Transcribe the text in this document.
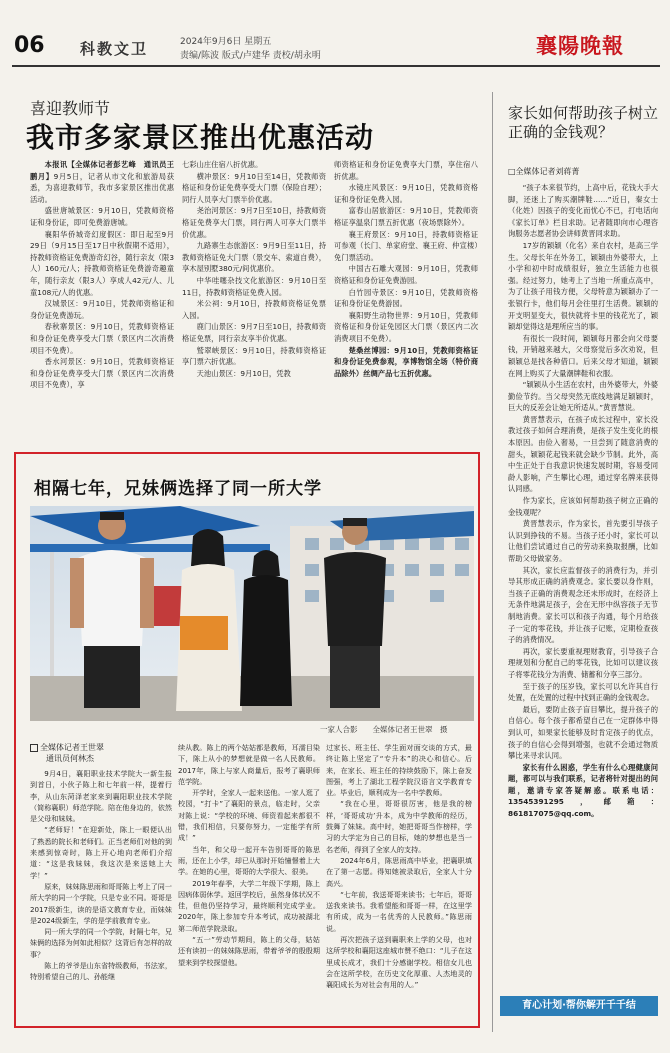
06 科教文卫	2024年9月6日 星期五
责编/陈波 版式/卢建华 责校/胡永明	襄陽晚報
喜迎教师节
我市多家景区推出优惠活动

本报讯【全媒体记者彭艺峰　通讯员王鹏月】9月5日，记者从市文化和旅游局获悉，为喜迎教师节，我市多家景区推出优惠活动。

盛世唐城景区：9月10日，凭教师资格证和身份证，即可免费游唐城。

襄阳华侨城奇幻度假区：即日起至9月29日（9月15日至17日中秋假期不适用），持教师资格证免费游奇幻谷，随行亲友（限3人）160元/人；持教师资格证免费游奇趣童年，随行亲友（限3人）享成人42元/人、儿童108元/人的优惠。

汉城景区：9月10日，凭教师资格证和身份证免费游玩。

春秋寨景区：9月10日，凭教师资格证和身份证免费享受大门票（景区内二次消费项目不免费）。

香水河景区：9月10日，凭教师资格证和身份证免费享受大门票（景区内二次消费项目不免费），享

七彩山庄住宿八折优惠。

横冲景区：9月10日至14日，凭教师资格证和身份证免费享受大门票（保险自理）；同行人员享大门票半价优惠。

尧治河景区：9月7日至10日，持教师资格证免费享大门票，同行两人可享大门票半价优惠。

九路寨生态旅游区：9月9日至11日，持教师资格证免大门票（景交车、索道自费），享木屋别墅380元/间优惠价。

中华哇噻杂技文化旅游区：9月10日至11日，持教师资格证免费入园。

米公祠：9月10日，持教师资格证免票入园。

鹿门山景区：9月7日至10日，持教师资格证免票，同行亲友享半价优惠。

鹫翠峡景区：9月10日，持教师资格证享门票六折优惠。

天池山景区：9月10日，凭教

师资格证和身份证免费享大门票，享住宿八折优惠。

水镜庄风景区：9月10日，凭教师资格证和身份证免费入园。

富春山居旅游区：9月10日，凭教师资格证享温泉门票五折优惠（夜场票除外）。

襄王府景区：9月10日，持教师资格证可参观（长门、单家府堂、襄王府、仲宣楼）免门票活动。

中国古石雕大观园：9月10日，凭教师资格证和身份证免费游园。

白竹园寺景区：9月10日，凭教师资格证和身份证免费游园。

襄阳野生动物世界：9月10日，凭教师资格证和身份证免园区大门票（景区内二次消费项目不免费）。

楚桑丝博园：9月10日，凭教师资格证和身份证免费参观，享博物馆全场（特价商品除外）丝绸产品七五折优惠。

家长如何帮助孩子树立正确的金钱观？
□全媒体记者刘蒋菁

“孩子本来很节约，上高中后，花钱大手大脚，还迷上了购买潮牌鞋……”近日，秦女士（化姓）因孩子的变化而忧心不已，打电话向《家长订单》栏目求助。记者随即向市心理咨询服务志愿者协会讲师黄晋同求助。

17岁的颖颖（化名）来自农村，是高三学生。父母长年在外务工，颖颖由外婆带大，上小学和初中时成绩很好，独立生活能力也很强。经过努力，她考上了当地一所重点高中，为了让孩子用钱方便，父母特意为颖颖办了一张银行卡，他们每月会往里打生活费。颖颖的开支明显变大，很快就将卡里的钱花光了，颖颖却觉得这是理所应当的事。

有很长一段时间，颖颖每月都会向父母要钱，开销越来越大，父母察觉后多次劝说，但颖颖总是找各种借口。后来父母才知道，颖颖在网上购买了大量潮牌鞋和衣服。

“颖颖从小生活在农村，由外婆带大，外婆勤俭节约。当父母突然无底线地满足颖颖时，巨大的反差会让她无所适从。”黄晋慧说。

黄晋慧表示，在孩子成长过程中，家长没教过孩子如何合理消费，是孩子发生变化的根本原因。由俭入奢易，一旦尝到了随意消费的甜头，颖颖花起钱来就会缺少节制。此外，高中生正处于自我意识快速发展时期，容易受同龄人影响，产生攀比心理，通过穿名牌来获得认同感。

作为家长，应该如何帮助孩子树立正确的金钱观呢？

黄晋慧表示，作为家长，首先要引导孩子认识到挣钱的不易。当孩子还小时，家长可以让他们尝试通过自己的劳动来换取报酬，比如帮助父母做家务。

其次，家长应监督孩子的消费行为，并引导其形成正确的消费观念。家长要以身作则，当孩子正确的消费观念还未形成时，在经济上无条件地满足孩子，会在无形中纵容孩子无节制地消费。家长可以和孩子沟通，每个月给孩子一定的零花钱，并让孩子记账，定期检查孩子的消费情况。

再次，家长要重视理财教育，引导孩子合理规划和分配自己的零花钱，比如可以建议孩子将零花钱分为消费、储蓄和分享三部分。

至于孩子的压岁钱，家长可以允许其自行处置，在处置的过程中找到正确的金钱观念。

最后，要防止孩子盲目攀比，提升孩子的自信心。每个孩子都希望自己在一定群体中得到认可，如果家长能够及时肯定孩子的优点，孩子的自信心会得到增强，也就不会通过物质攀比来寻求认同。

家长有什么困惑，学生有什么心理健康问题，都可以与我们联系，记者将针对提出的问题，邀请专家答疑解惑。联系电话：13545391295，邮箱：861817075@qq.com。

育心计划·帮你解开千千结
相隔七年，兄妹俩选择了同一所大学
一家人合影　　全媒体记者王世翠　摄
全媒体记者王世翠
通讯员何林杰

9月4日，襄阳职业技术学院大一新生报到首日，小伙子陈上和七年前一样，提着行李，从山东菏泽老家来到襄阳职业技术学院（简称襄职）师范学院。陪在他身边的，依然是父母和妹妹。

“老师好！”在迎新处，陈上一眼便认出了熟悉的院长和老师们。正当老师们对他的到来感到惊奇时，陈上开心地向老师们介绍道：“这是我妹妹，我这次是来送她上大学！”

原来，妹妹陈思雨和哥哥陈上考上了同一所大学的同一个学院，只是专业不同。哥哥是2017级新生，读的是语文教育专业，而妹妹是2024级新生，学的是学前教育专业。

同一所大学的同一个学院，时隔七年，兄妹俩的选择为何如此相似？这背后有怎样的故事？

陈上的爷爷是山东省特级教师，书法家，特别希望自己的儿、孙能继

续从教。陈上的两个姑姑都是教师，耳濡目染下，陈上从小的梦想就是做一名人民教师。2017年，陈上与家人商量后，报考了襄职师范学院。

开学时，全家人一起来送他。一家人逛了校园，“打卡”了襄阳的景点，临走时，父亲对陈上说：“学校的环境、师资看起来都很不错，我们相信，只要你努力，一定能学有所成！”

当年，和父母一起开车告别哥哥的陈思雨，还在上小学，却已从那时开始憧憬着上大学。在她的心里，哥哥的大学很大、很美。

2019年春季，大学二年级下学期，陈上因病体弱休学。返回学校后，虽然身体状况不佳，但他仍坚持学习，最终顺利完成学业。2020年，陈上参加专升本考试，成功被湖北第二师范学院录取。

“五一”劳动节期间，陈上的父母，姑姑还有读初一的妹妹陈思雨，带着爷爷的殷殷期望来到学校探望他。

过家长、班主任、学生面对面交谈的方式，最终让陈上坚定了“专升本”的决心和信心。后来，在家长、班主任的持续鼓励下，陈上奋发图强，考上了湖北工程学院汉语言文学教育专业。毕业后，顺利成为一名中学教师。

“我在心里，哥哥很厉害，他是我的榜样，‘哥哥成功’升本，成为中学教师的经历，鼓舞了妹妹。高中时，她把哥哥当作榜样，学习的大学定为自己的目标，她的梦想也是当一名老师，得到了全家人的支持。

2024年6月，陈思雨高中毕业，把襄职填在了第一志愿。得知她被录取后，全家人十分高兴。

“七年前，我送哥哥来读书；七年后，哥哥送我来读书。我希望能和哥哥一样，在这里学有所成，成为一名优秀的人民教师。”陈思雨说。

再次把孩子送到襄职来上学的父母，也对这所学校和襄阳这座城市赞不绝口：“儿子在这里成长成才，我们十分感谢学校。相信女儿也会在这所学校，在历史文化厚重、人杰地灵的襄阳成长为对社会有用的人。”
